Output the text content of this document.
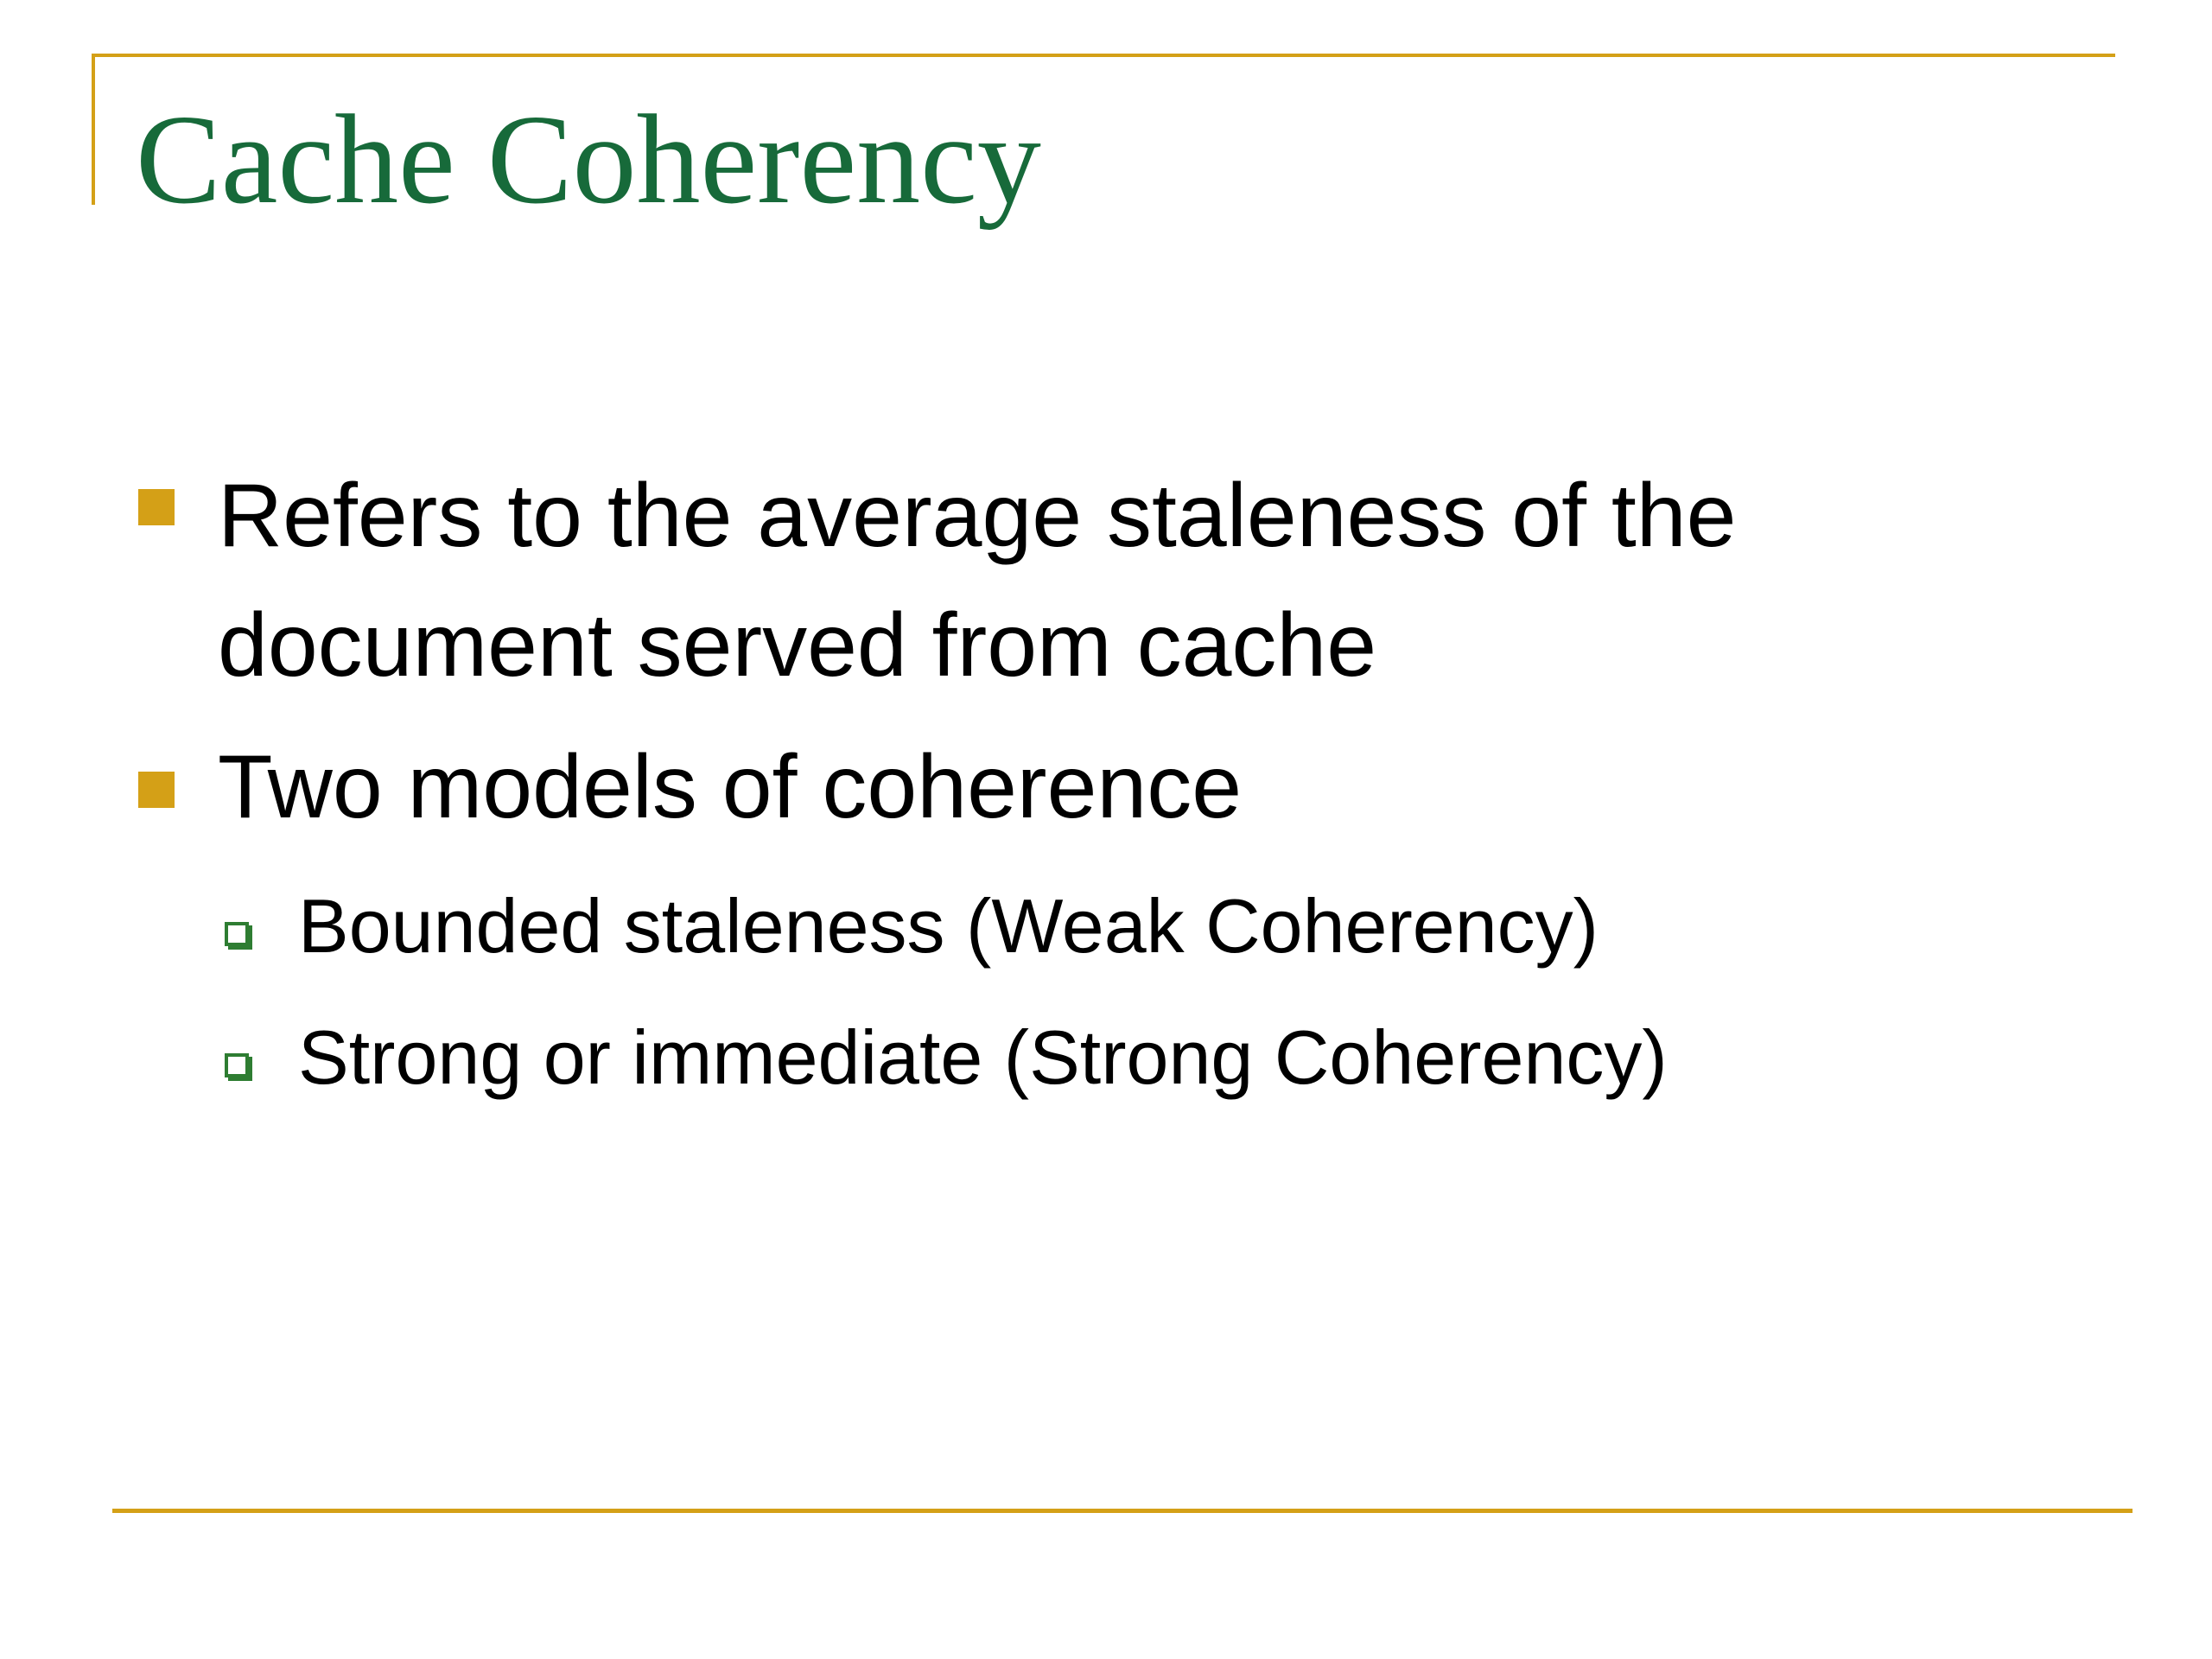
Cache Coherency
Refers to the average staleness of the document served from cache
Two models of coherence
Bounded staleness (Weak Coherency)
Strong or immediate (Strong Coherency)
